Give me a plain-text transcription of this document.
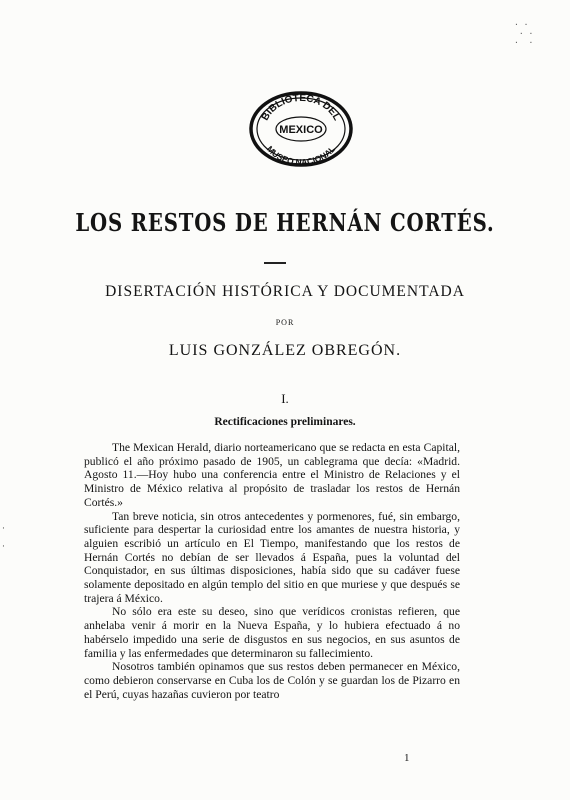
BIBLIOTECA DEL
MEXICO
MUSEO NACIONAL
LOS RESTOS DE HERNÁN CORTÉS.
DISERTACIÓN HISTÓRICA Y DOCUMENTADA
POR
LUIS GONZÁLEZ OBREGÓN.
I.
Rectificaciones preliminares.

The Mexican Herald, diario norteamericano que se redacta en esta Capital, publicó el año próximo pasado de 1905, un cablegrama que decía: «Madrid. Agosto 11.—Hoy hubo una conferencia entre el Ministro de Relaciones y el Ministro de México relativa al propósito de trasladar los restos de Hernán Cortés.»

Tan breve noticia, sin otros antecedentes y pormenores, fué, sin embargo, suficiente para despertar la curiosidad entre los amantes de nuestra historia, y alguien escribió un artículo en El Tiempo, manifestando que los restos de Hernán Cortés no debían de ser llevados á España, pues la voluntad del Conquistador, en sus últimas disposiciones, había sido que su cadáver fuese solamente depositado en algún templo del sitio en que muriese y que después se trajera á México.

No sólo era este su deseo, sino que verídicos cronistas refieren, que anhelaba venir á morir en la Nueva España, y lo hubiera efectuado á no habérselo impedido una serie de disgustos en sus negocios, en sus asuntos de familia y las enfermedades que determinaron su fallecimiento.

Nosotros también opinamos que sus restos deben permanecer en México, como debieron conservarse en Cuba los de Colón y se guardan los de Pizarro en el Perú, cuyas hazañas cuvieron por teatro

1
· ·
· ·
·  ·
·
·
